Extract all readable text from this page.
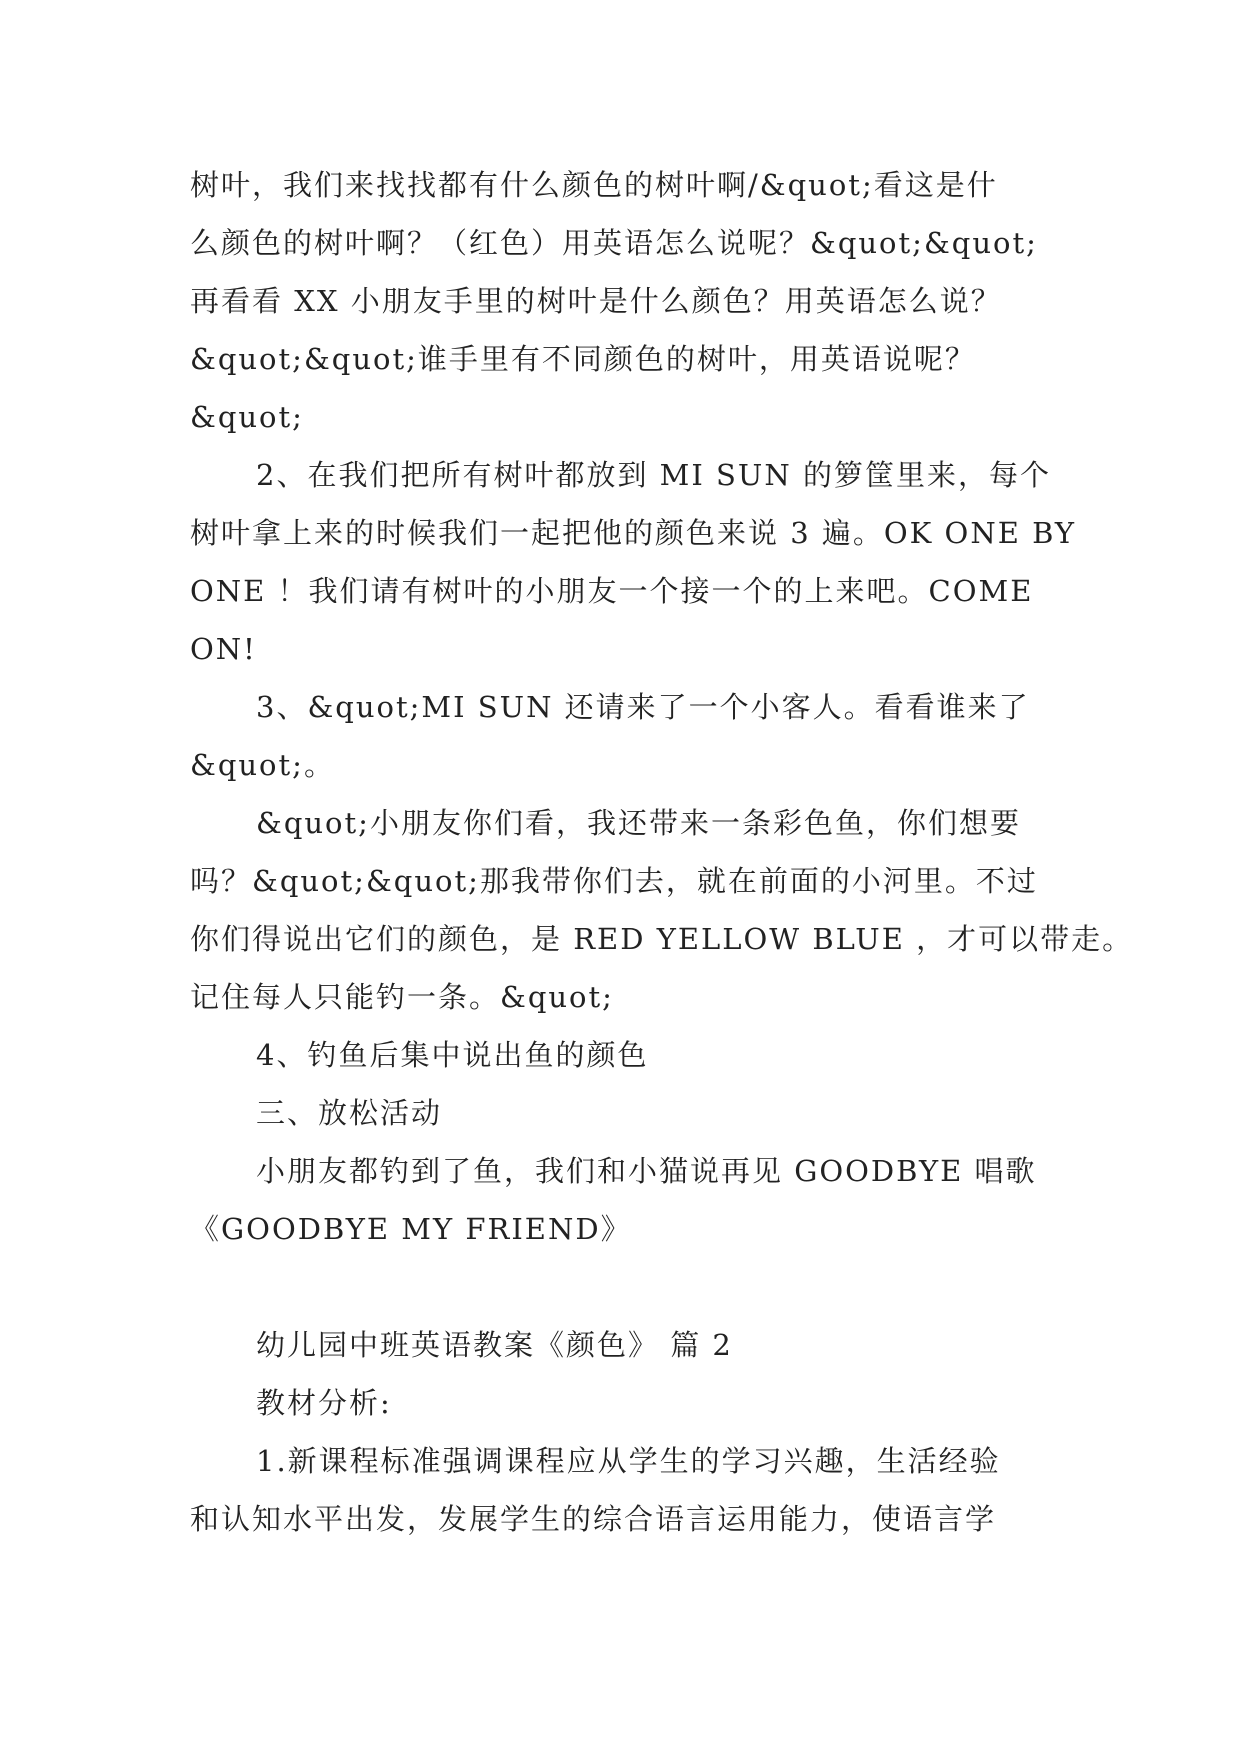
树叶，我们来找找都有什么颜色的树叶啊/&quot;看这是什
么颜色的树叶啊？（红色）用英语怎么说呢？&quot;&quot;
再看看 XX 小朋友手里的树叶是什么颜色？用英语怎么说？
&quot;&quot;谁手里有不同颜色的树叶，用英语说呢？
&quot;
2、在我们把所有树叶都放到 MI SUN 的箩筐里来，每个
树叶拿上来的时候我们一起把他的颜色来说 3 遍。OK ONE BY
ONE ！我们请有树叶的小朋友一个接一个的上来吧。COME
ON!
3、&quot;MI SUN 还请来了一个小客人。看看谁来了
&quot;。
&quot;小朋友你们看，我还带来一条彩色鱼，你们想要
吗？&quot;&quot;那我带你们去，就在前面的小河里。不过
你们得说出它们的颜色，是 RED YELLOW BLUE ，才可以带走。
记住每人只能钓一条。&quot;
4、钓鱼后集中说出鱼的颜色
三、放松活动
小朋友都钓到了鱼，我们和小猫说再见 GOODBYE 唱歌
《GOODBYE MY FRIEND》
幼儿园中班英语教案《颜色》 篇 2
教材分析:
1.新课程标准强调课程应从学生的学习兴趣，生活经验
和认知水平出发，发展学生的综合语言运用能力，使语言学
